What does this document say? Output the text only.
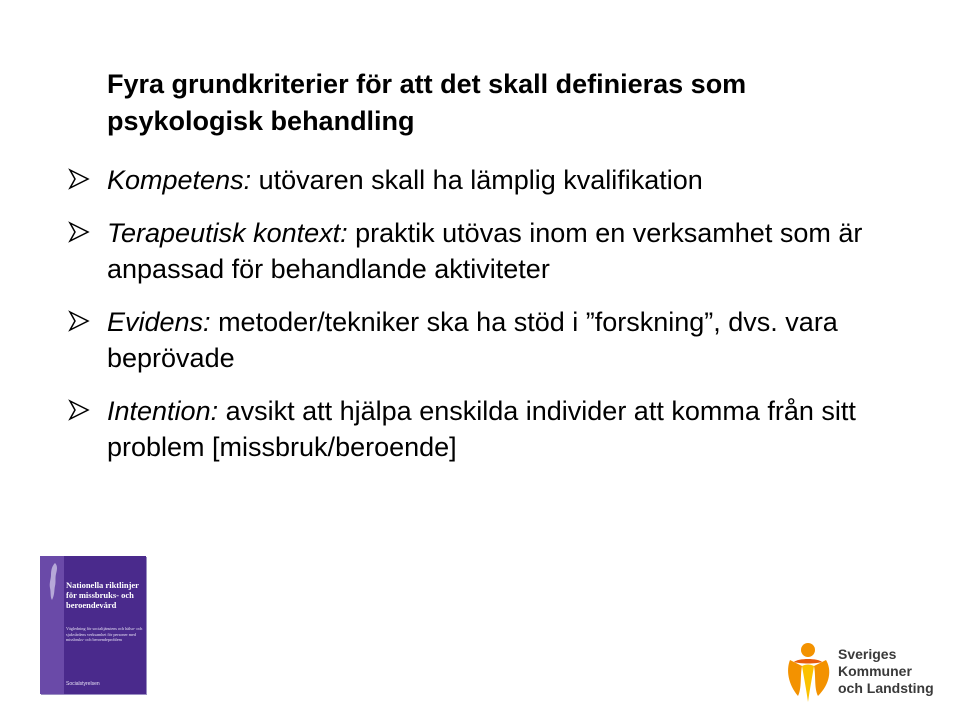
Fyra grundkriterier för att det skall definieras som psykologisk behandling
Kompetens: utövaren skall ha lämplig kvalifikation
Terapeutisk kontext: praktik utövas inom en verksamhet som är anpassad för behandlande aktiviteter
Evidens: metoder/tekniker ska ha stöd i ”forskning”, dvs. vara beprövade
Intention: avsikt att hjälpa enskilda individer att komma från sitt problem [missbruk/beroende]
Nationella riktlinjer för missbruks- och beroendevård
Vägledning för socialtjänstens och hälso- och sjukvårdens verksamhet för personer med missbruks- och beroendeproblem
Socialstyrelsen
Sveriges
Kommuner
och Landsting
